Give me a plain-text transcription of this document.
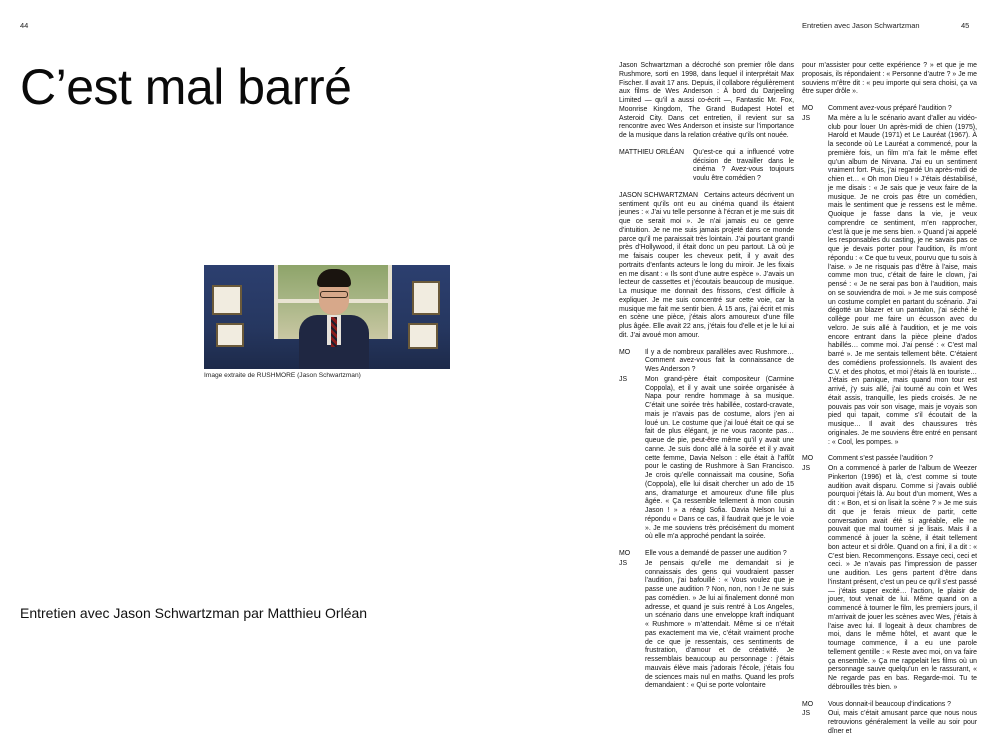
44	Entretien avec Jason Schwartzman	45
C’est mal barré
Image extraite de RUSHMORE (Jason Schwartzman)
Entretien avec Jason Schwartzman par Matthieu Orléan

Jason Schwartzman a décroché son premier rôle dans Rushmore, sorti en 1998, dans lequel il interprétait Max Fischer. Il avait 17 ans. Depuis, il collabore régulièrement aux films de Wes Anderson : À bord du Darjeeling Limited — qu’il a aussi co-écrit —, Fantastic Mr. Fox, Moonrise Kingdom, The Grand Budapest Hotel et Asteroid City. Dans cet entretien, il revient sur sa rencontre avec Wes Anderson et insiste sur l’importance de la musique dans la relation créative qu’ils ont nouée.

MATTHIEU ORLÉAN	Qu’est-ce qui a influencé votre décision de travailler dans le cinéma ? Avez-vous toujours voulu être comédien ?

JASON SCHWARTZMAN Certains acteurs décrivent un sentiment qu’ils ont eu au cinéma quand ils étaient jeunes : « J’ai vu telle personne à l’écran et je me suis dit que ce serait moi ». Je n’ai jamais eu ce genre d’intuition. Je ne me suis jamais projeté dans ce monde parce qu’il me paraissait très lointain. J’ai pourtant grandi près d’Hollywood, il était donc un peu partout. Là où je me faisais couper les cheveux petit, il y avait des portraits d’enfants acteurs le long du miroir. Je les fixais en me disant : « Ils sont d’une autre espèce ». J’avais un lecteur de cassettes et j’écoutais beaucoup de musique. La musique me donnait des frissons, c’est difficile à expliquer. Je me suis concentré sur cette voie, car la musique me fait me sentir bien. À 15 ans, j’ai écrit et mis en scène une pièce, j’étais alors amoureux d’une fille plus âgée. Elle avait 22 ans, j’étais fou d’elle et je le lui ai dit. J’ai avoué mon amour.

MO	Il y a de nombreux parallèles avec Rushmore… Comment avez-vous fait la connaissance de Wes Anderson ?
JS	Mon grand-père était compositeur (Carmine Coppola), et il y avait une soirée organisée à Napa pour rendre hommage à sa musique. C’était une soirée très habillée, costard-cravate, mais je n’avais pas de costume, alors j’en ai loué un. Le costume que j’ai loué était ce qui se fait de plus élégant, je ne vous raconte pas… queue de pie, peut-être même qu’il y avait une canne. Je suis donc allé à la soirée et il y avait cette femme, Davia Nelson : elle était à l’affût pour le casting de Rushmore à San Francisco. Je crois qu’elle connaissait ma cousine, Sofia (Coppola), elle lui disait chercher un ado de 15 ans, dramaturge et amoureux d’une fille plus âgée. « Ça ressemble tellement à mon cousin Jason ! » a réagi Sofia. Davia Nelson lui a répondu « Dans ce cas, il faudrait que je le voie ». Je me souviens très précisément du moment où elle m’a approché pendant la soirée.
MO	Elle vous a demandé de passer une audition ?
JS	Je pensais qu’elle me demandait si je connaissais des gens qui voudraient passer l’audition, j’ai bafouillé : « Vous voulez que je passe une audition ? Non, non, non ! Je ne suis pas comédien. » Je lui ai finalement donné mon adresse, et quand je suis rentré à Los Angeles, un scénario dans une enveloppe kraft indiquant « Rushmore » m’attendait. Même si ce n’était pas exactement ma vie, c’était vraiment proche de ce que je ressentais, ces sentiments de frustration, d’amour et de créativité. Je ressemblais beaucoup au personnage : j’étais mauvais élève mais j’adorais l’école, j’étais fou de sciences mais nul en maths. Quand les profs demandaient : « Qui se porte volontaire

pour m’assister pour cette expérience ? » et que je me proposais, ils répondaient : « Personne d’autre ? » Je me souviens m’être dit : « peu importe qui sera choisi, ça va être super drôle ».

MO	Comment avez-vous préparé l’audition ?
JS	Ma mère a lu le scénario avant d’aller au vidéo-club pour louer Un après-midi de chien (1975), Harold et Maude (1971) et Le Lauréat (1967). À la seconde où Le Lauréat a commencé, pour la première fois, un film m’a fait le même effet qu’un album de Nirvana. J’ai eu un sentiment vraiment fort. Puis, j’ai regardé Un après-midi de chien et… « Oh mon Dieu ! » J’étais déstabilisé, je me disais : « Je sais que je veux faire de la musique. Je ne crois pas être un comédien, mais le sentiment que je ressens est le même. Quoique je fasse dans la vie, je veux comprendre ce sentiment, m’en rapprocher, c’est là que je me sens bien. » Quand j’ai appelé les responsables du casting, je ne savais pas ce que je devais porter pour l’audition, ils m’ont répondu : « Ce que tu veux, pourvu que tu sois à l’aise. » Je ne risquais pas d’être à l’aise, mais comme mon truc, c’était de faire le clown, j’ai pensé : « Je ne serai pas bon à l’audition, mais on se souviendra de moi. » Je me suis composé un costume complet en partant du scénario. J’ai dégotté un blazer et un pantalon, j’ai séché le collège pour me faire un écusson avec du velcro. Je suis allé à l’audition, et je me vois encore entrant dans la pièce pleine d’ados habillés… comme moi. J’ai pensé : « C’est mal barré ». Je me sentais tellement bête. C’étaient des comédiens professionnels. Ils avaient des C.V. et des photos, et moi j’étais là en touriste… J’étais en panique, mais quand mon tour est arrivé, j’y suis allé, j’ai tourné au coin et Wes était assis, tranquille, les pieds croisés. Je ne pouvais pas voir son visage, mais je voyais son pied qui tapait, comme s’il écoutait de la musique… Il avait des chaussures très originales. Je me souviens être entré en pensant : « Cool, les pompes. »
MO	Comment s’est passée l’audition ?
JS	On a commencé à parler de l’album de Weezer Pinkerton (1996) et là, c’est comme si toute audition avait disparu. Comme si j’avais oublié pourquoi j’étais là. Au bout d’un moment, Wes a dit : « Bon, et si on lisait la scène ? » Je me suis dit que je ferais mieux de partir, cette conversation avait été si agréable, elle ne pouvait que mal tourner si je lisais. Mais il a commencé à jouer la scène, il était tellement bon acteur et si drôle. Quand on a fini, il a dit : « C’est bien. Recommençons. Essaye ceci, ceci et ceci. » Je n’avais pas l’impression de passer une audition. Les gens partent d’être dans l’instant présent, c’est un peu ce qu’il s’est passé — j’étais super excité… l’action, le plaisir de jouer, tout venait de lui. Même quand on a commencé à tourner le film, les premiers jours, il m’arrivait de jouer les scènes avec Wes, j’étais à l’aise avec lui. Il logeait à deux chambres de moi, dans le même hôtel, et avant que le tournage commence, il a eu une parole tellement gentille : « Reste avec moi, on va faire ça ensemble. » Ça me rappelait les films où un personnage sauve quelqu’un en le rassurant, « Ne regarde pas en bas. Regarde-moi. Tu te débrouilles très bien. »
MO	Vous donnait-il beaucoup d’indications ?
JS	Oui, mais c’était amusant parce que nous nous retrouvions généralement la veille au soir pour dîner et
